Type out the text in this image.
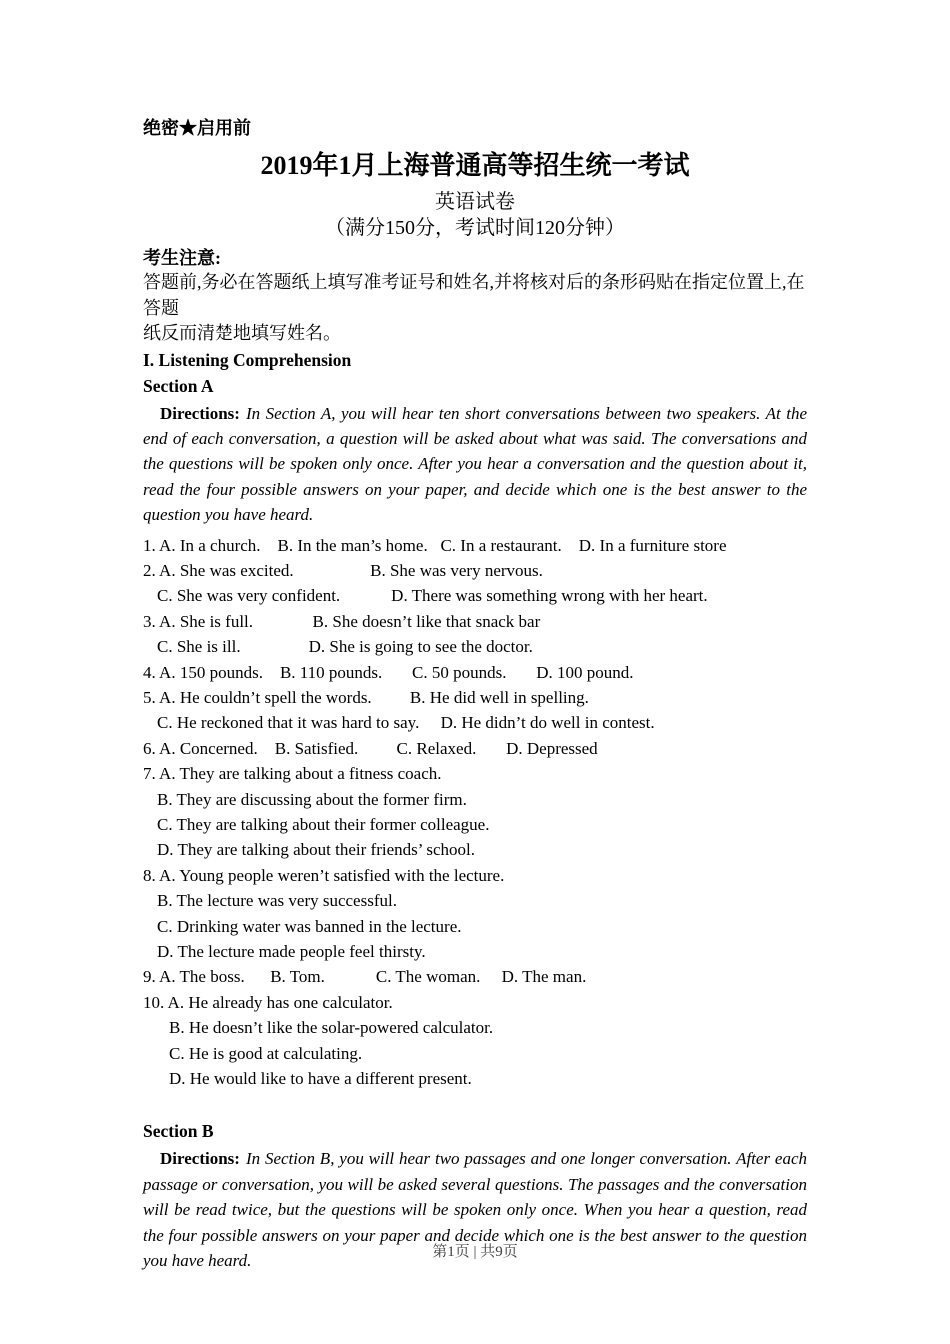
绝密★启用前
2019年1月上海普通高等招生统一考试
英语试卷
（满分150分，考试时间120分钟）
考生注意:
答题前,务必在答题纸上填写准考证号和姓名,并将核对后的条形码贴在指定位置上,在答题
纸反而清楚地填写姓名。
I. Listening Comprehension
Section A
Directions: In Section A, you will hear ten short conversations between two speakers. At the end of each conversation, a question will be asked about what was said. The conversations and the questions will be spoken only once. After you hear a conversation and the question about it, read the four possible answers on your paper, and decide which one is the best answer to the question you have heard.
1. A. In a church.    B. In the man’s home.   C. In a restaurant.    D. In a furniture store
2. A. She was excited.                  B. She was very nervous.
C. She was very confident.            D. There was something wrong with her heart.
3. A. She is full.              B. She doesn’t like that snack bar
C. She is ill.                D. She is going to see the doctor.
4. A. 150 pounds.    B. 110 pounds.       C. 50 pounds.       D. 100 pound.
5. A. He couldn’t spell the words.         B. He did well in spelling.
C. He reckoned that it was hard to say.     D. He didn’t do well in contest.
6. A. Concerned.    B. Satisfied.         C. Relaxed.       D. Depressed
7. A. They are talking about a fitness coach.
B. They are discussing about the former firm.
C. They are talking about their former colleague.
D. They are talking about their friends’ school.
8. A. Young people weren’t satisfied with the lecture.
B. The lecture was very successful.
C. Drinking water was banned in the lecture.
D. The lecture made people feel thirsty.
9. A. The boss.      B. Tom.            C. The woman.     D. The man.
10. A. He already has one calculator.
B. He doesn’t like the solar-powered calculator.
C. He is good at calculating.
D. He would like to have a different present.
Section B
Directions: In Section B, you will hear two passages and one longer conversation. After each passage or conversation, you will be asked several questions. The passages and the conversation will be read twice, but the questions will be spoken only once. When you hear a question, read the four possible answers on your paper and decide which one is the best answer to the question you have heard.	第1页 | 共9页
